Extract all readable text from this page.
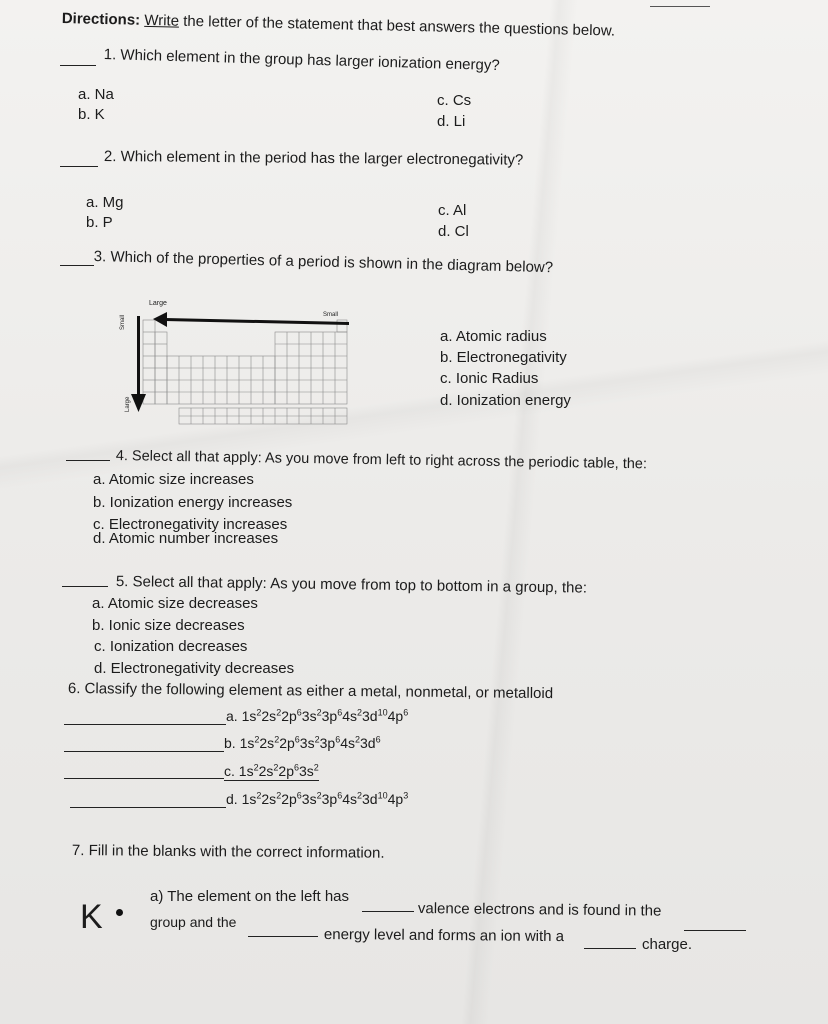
Directions: Write the letter of the statement that best answers the questions below.
1. Which element in the group has larger ionization energy?
a. Na
b. K
c. Cs
d. Li
2. Which element in the period has the larger electronegativity?
a. Mg
b. P
c. Al
d. Cl
3. Which of the properties of a period is shown in the diagram below?
Large
Small
Small
Large
a. Atomic radius
b. Electronegativity
c. Ionic Radius
d. Ionization energy
4. Select all that apply: As you move from left to right across the periodic table, the:
a. Atomic size increases
b. Ionization energy increases
c. Electronegativity increases
d. Atomic number increases
5. Select all that apply: As you move from top to bottom in a group, the:
a. Atomic size decreases
b. Ionic size decreases
c. Ionization decreases
d. Electronegativity decreases
6. Classify the following element as either a metal, nonmetal, or metalloid
a. $1s^22s^22p^63s^23p^64s^23d^{10}4p^6$
b. $1s^22s^22p^63s^23p^64s^23d^6$
c. $1s^22s^22p^63s^2$
d. $1s^22s^22p^63s^23p^64s^23d^{10}4p^3$
7. Fill in the blanks with the correct information.
K
a) The element on the left has
valence electrons and is found in the
group and the
energy level and forms an ion with a	charge.
